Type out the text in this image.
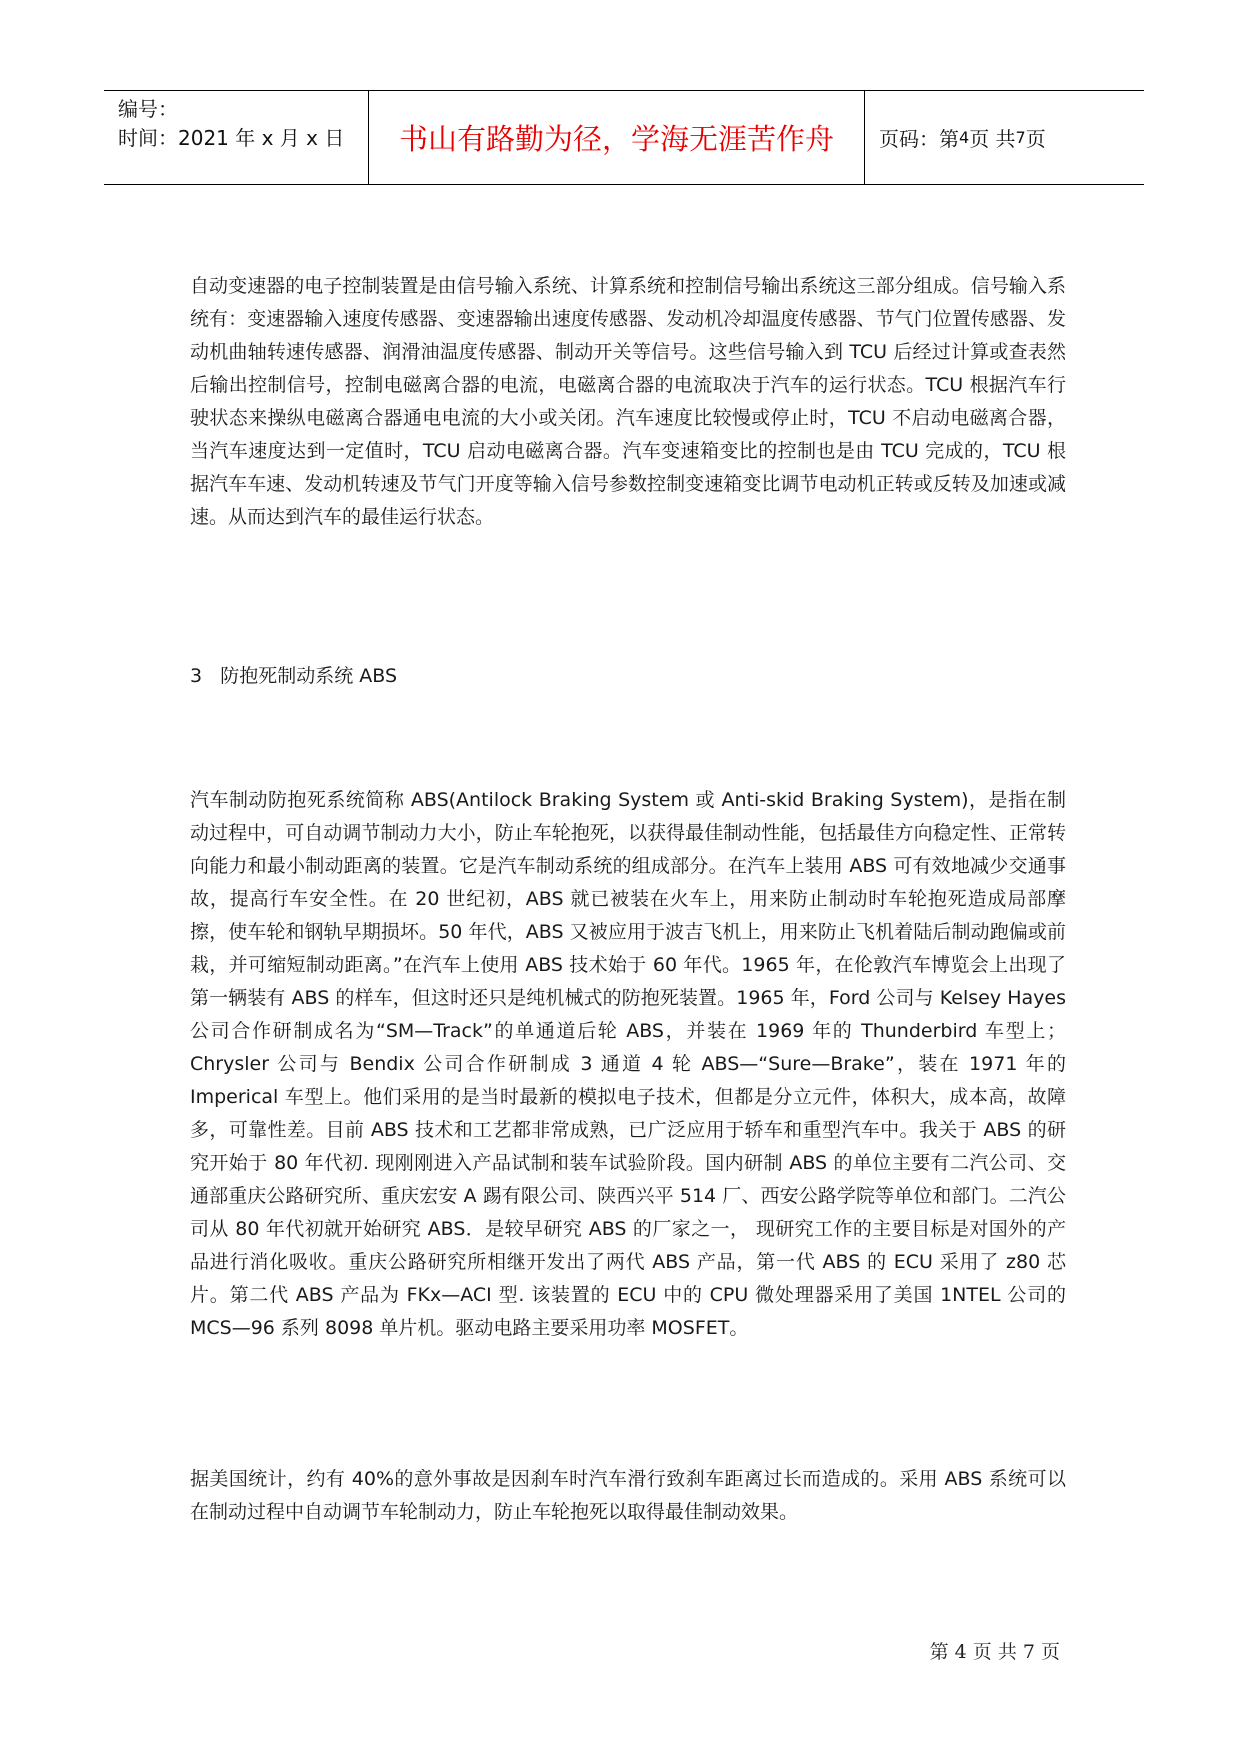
编号：
时间：2021 年 x 月 x 日	书山有路勤为径，学海无涯苦作舟	页码：第 4 页 共 7 页

自动变速器的电子控制装置是由信号输入系统、计算系统和控制信号输出系统这三部分组成。信号输入系统有：变速器输入速度传感器、变速器输出速度传感器、发动机冷却温度传感器、节气门位置传感器、发动机曲轴转速传感器、润滑油温度传感器、制动开关等信号。这些信号输入到 TCU 后经过计算或查表然后输出控制信号，控制电磁离合器的电流，电磁离合器的电流取决于汽车的运行状态。TCU 根据汽车行驶状态来操纵电磁离合器通电电流的大小或关闭。汽车速度比较慢或停止时，TCU 不启动电磁离合器，当汽车速度达到一定值时，TCU 启动电磁离合器。汽车变速箱变比的控制也是由 TCU 完成的，TCU 根据汽车车速、发动机转速及节气门开度等输入信号参数控制变速箱变比调节电动机正转或反转及加速或减速。从而达到汽车的最佳运行状态。

3   防抱死制动系统 ABS

汽车制动防抱死系统简称 ABS(Antilock Braking System 或 Anti-skid Braking System)，是指在制动过程中，可自动调节制动力大小，防止车轮抱死，以获得最佳制动性能，包括最佳方向稳定性、正常转向能力和最小制动距离的装置。它是汽车制动系统的组成部分。在汽车上装用 ABS 可有效地减少交通事故，提高行车安全性。在 20 世纪初，ABS 就已被装在火车上，用来防止制动时车轮抱死造成局部摩擦，使车轮和钢轨早期损坏。50 年代，ABS 又被应用于波吉飞机上，用来防止飞机着陆后制动跑偏或前栽，并可缩短制动距离。”在汽车上使用 ABS 技术始于 60 年代。1965 年，在伦敦汽车博览会上出现了第一辆装有 ABS 的样车，但这时还只是纯机械式的防抱死装置。1965 年，Ford 公司与 Kelsey Hayes 公司合作研制成名为“SM—Track”的单通道后轮 ABS，并装在 1969 年的 Thunderbird 车型上；Chrysler 公司与 Bendix 公司合作研制成 3 通道 4 轮 ABS—“Sure—Brake”，装在 1971 年的 Imperical 车型上。他们采用的是当时最新的模拟电子技术，但都是分立元件，体积大，成本高，故障多，可靠性差。目前 ABS 技术和工艺都非常成熟，已广泛应用于轿车和重型汽车中。我关于 ABS 的研究开始于 80 年代初. 现刚刚进入产品试制和装车试验阶段。国内研制 ABS 的单位主要有二汽公司、交通部重庆公路研究所、重庆宏安 A 踢有限公司、陕西兴平 514 厂、西安公路学院等单位和部门。二汽公司从 80 年代初就开始研究 ABS．是较早研究 ABS 的厂家之一， 现研究工作的主要目标是对国外的产品进行消化吸收。重庆公路研究所相继开发出了两代 ABS 产品，第一代 ABS 的 ECU 采用了 z80 芯片。第二代 ABS 产品为 FKx—ACI 型. 该装置的 ECU 中的 CPU 微处理器采用了美国 1NTEL 公司的 MCS—96 系列 8098 单片机。驱动电路主要采用功率 MOSFET。

据美国统计，约有 40%的意外事故是因刹车时汽车滑行致刹车距离过长而造成的。采用 ABS 系统可以在制动过程中自动调节车轮制动力，防止车轮抱死以取得最佳制动效果。

第 4 页 共 7 页
